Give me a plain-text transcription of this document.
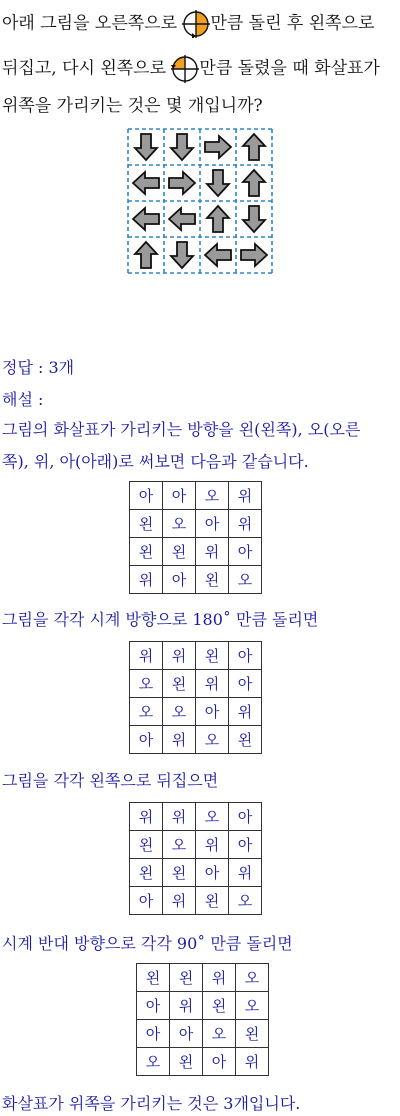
아래 그림을 오른쪽으로 만큼 돌린 후 왼쪽으로
뒤집고, 다시 왼쪽으로 만큼 돌렸을 때 화살표가
위쪽을 가리키는 것은 몇 개입니까?
정답 : 3개
해설 :
그림의 화살표가 가리키는 방향을 왼(왼쪽), 오(오른
쪽), 위, 아(아래)로 써보면 다음과 같습니다.
아	아	오	위
왼	오	아	위
왼	왼	위	아
위	아	왼	오
그림을 각각 시계 방향으로 180˚ 만큼 돌리면
위	위	왼	아
오	왼	위	아
오	오	아	위
아	위	오	왼
그림을 각각 왼쪽으로 뒤집으면
위	위	오	아
왼	오	위	아
왼	왼	아	위
아	위	왼	오
시계 반대 방향으로 각각 90˚ 만큼 돌리면
왼	왼	위	오
아	위	왼	오
아	아	오	왼
오	왼	아	위
화살표가 위쪽을 가리키는 것은 3개입니다.
